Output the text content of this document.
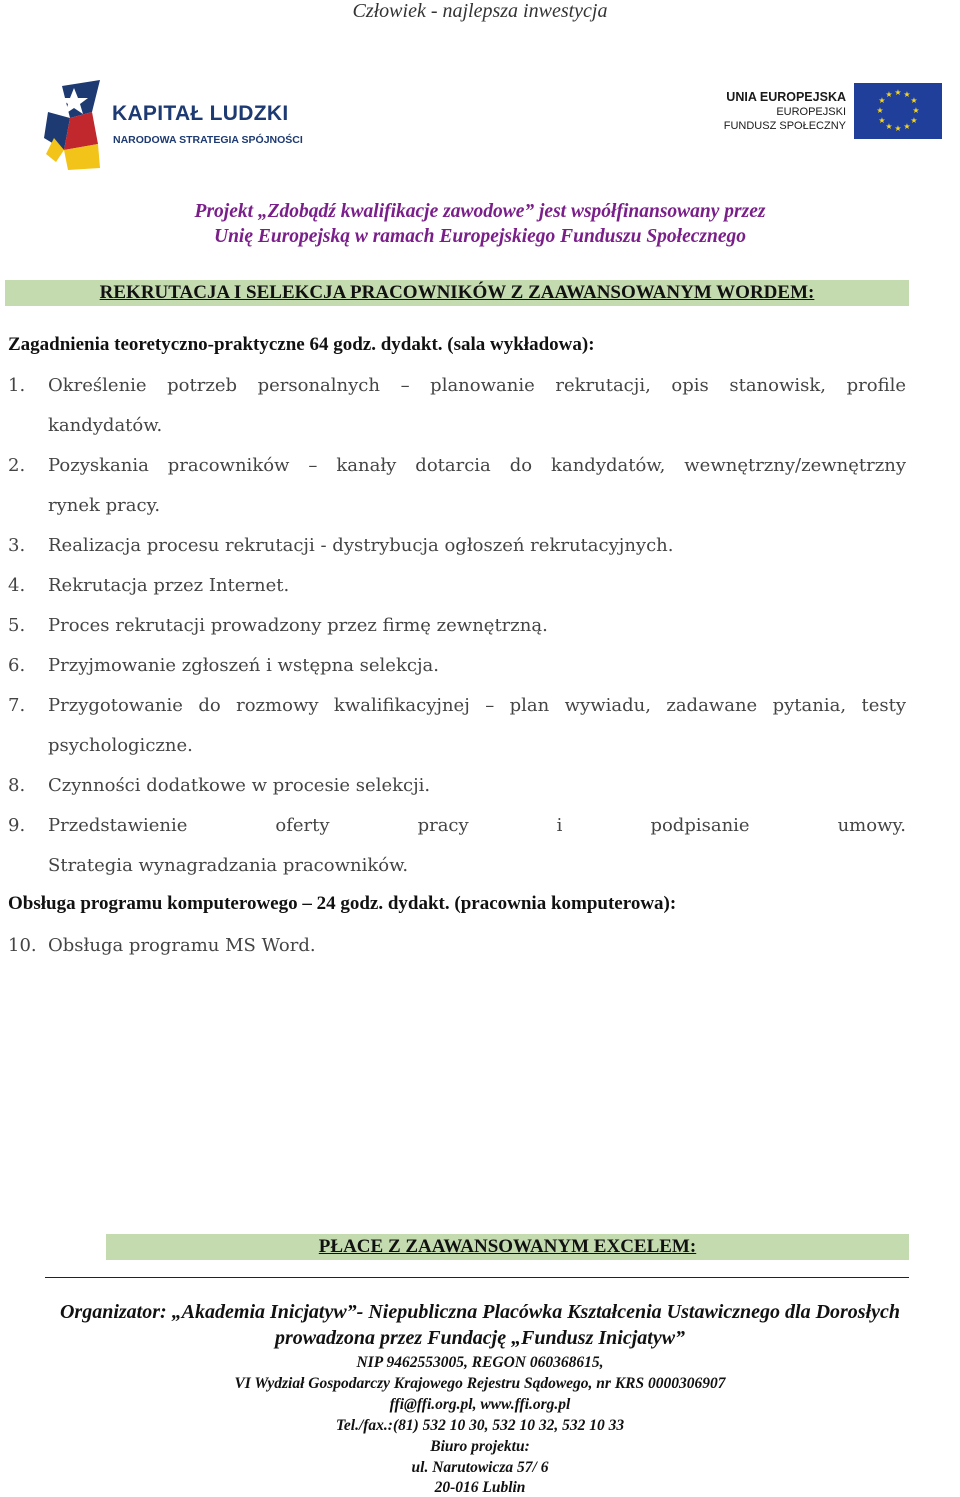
Człowiek - najlepsza inwestycja
KAPITAŁ LUDZKI
NARODOWA STRATEGIA SPÓJNOŚCI
UNIA EUROPEJSKA
EUROPEJSKI
FUNDUSZ SPOŁECZNY
★ ★
★
★
★
★
★
★
★
★
★
★
Projekt „Zdobądź kwalifikacje zawodowe” jest współfinansowany przez
Unię Europejską w ramach Europejskiego Funduszu Społecznego
REKRUTACJA I SELEKCJA PRACOWNIKÓW Z ZAAWANSOWANYM WORDEM:
Zagadnienia teoretyczno-praktyczne 64 godz. dydakt. (sala wykładowa):
1.	Określenie potrzeb personalnych – planowanie rekrutacji, opis stanowisk, profile
kandydatów.
2.	Pozyskania pracowników – kanały dotarcia do kandydatów, wewnętrzny/zewnętrzny
rynek pracy.
3.	Realizacja procesu rekrutacji - dystrybucja ogłoszeń rekrutacyjnych.
4.	Rekrutacja przez Internet.
5.	Proces rekrutacji prowadzony przez firmę zewnętrzną.
6.	Przyjmowanie zgłoszeń i wstępna selekcja.
7.	Przygotowanie do rozmowy kwalifikacyjnej – plan wywiadu, zadawane pytania, testy
psychologiczne.
8.	Czynności dodatkowe w procesie selekcji.
9.	Przedstawienie oferty pracy i podpisanie umowy.
Strategia wynagradzania pracowników.
Obsługa programu komputerowego – 24 godz. dydakt. (pracownia komputerowa):
10. Obsługa programu MS Word.
PŁACE Z ZAAWANSOWANYM EXCELEM:
Organizator: „Akademia Inicjatyw”- Niepubliczna Placówka Kształcenia Ustawicznego dla Dorosłych
prowadzona przez Fundację „Fundusz Inicjatyw”
NIP 9462553005, REGON 060368615,
VI Wydział Gospodarczy Krajowego Rejestru Sądowego, nr KRS 0000306907
ffi@ffi.org.pl, www.ffi.org.pl
Tel./fax.:(81) 532 10 30, 532 10 32, 532 10 33
Biuro projektu:
ul. Narutowicza 57/ 6
20-016 Lublin
